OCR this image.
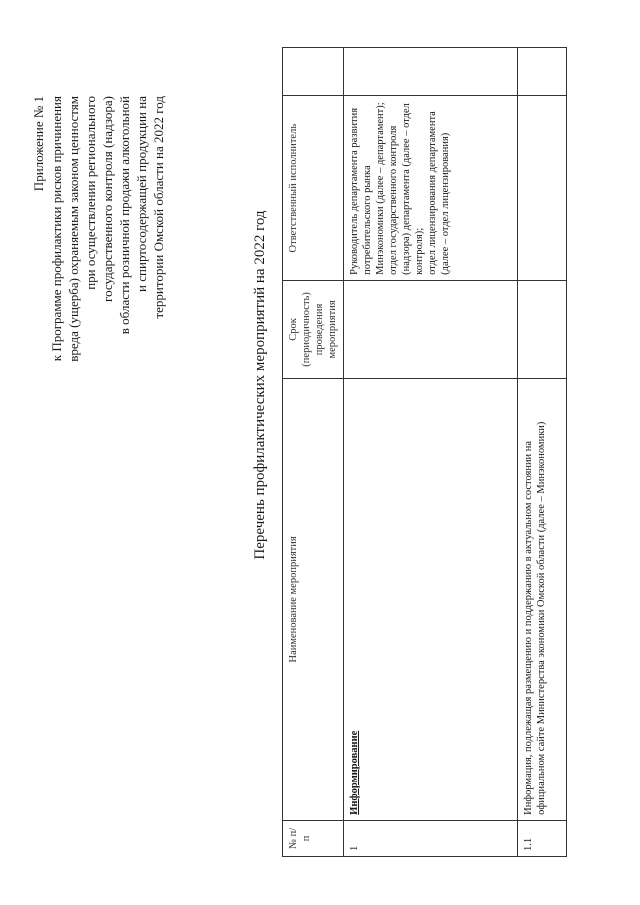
Приложение № 1 к Программе профилактики рисков причинения вреда (ущерба) охраняемым законом ценностям при осуществлении регионального государственного контроля (надзора) в области розничной продажи алкогольной и спиртосодержащей продукции на территории Омской области на 2022 год
Перечень профилактических мероприятий на 2022 год
№ п/п	Наименование мероприятия	Срок (периодичность) проведения мероприятия	Ответственный исполнитель	
1	Информирование		Руководитель департамента развития потребительского рынка Минэкономики (далее – департамент); отдел государственного контроля (надзора) департамента (далее – отдел контроля); отдел лицензирования департамента (далее – отдел лицензирования)	

1.1	Информация, подлежащая размещению и поддержанию в актуальном состоянии на официальном сайте Министерства экономики Омской области (далее – Минэкономики)			
